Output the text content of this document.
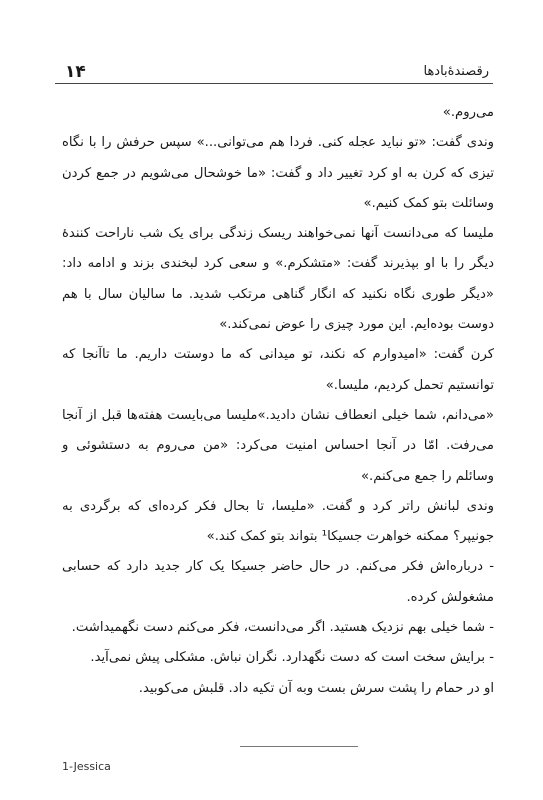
۱۴	رقصندۀبادها

می‌روم.»

وندی گفت: «تو نباید عجله کنی. فردا هم می‌توانی...» سپس حرفش را با نگاه تیزی که کرن به او کرد تغییر داد و گفت: «ما خوشحال می‌شویم در جمع کردن وسائلت بتو کمک کنیم.»

ملیسا که می‌دانست آنها نمی‌خواهند ریسک زندگی برای یک شب ناراحت کنندهٔ دیگر را با او بپذیرند گفت: «متشکرم.» و سعی کرد لبخندی بزند و ادامه داد: «دیگر طوری نگاه نکنید که انگار گناهی مرتکب شدید. ما سالیان سال با هم دوست بوده‌ایم. این مورد چیزی را عوض نمی‌کند.»

کرن گفت: «امیدوارم که نکند، تو میدانی که ما دوستت داریم. ما تاآنجا که توانستیم تحمل کردیم، ملیسا.»

«می‌دانم، شما خیلی انعطاف نشان دادید.»ملیسا می‌بایست هفته‌ها قبل از آنجا می‌رفت. امّا در آنجا احساس امنیت می‌کرد: «من می‌روم به دستشوئی و وسائلم را جمع می‌کنم.»

وندی لبانش راتر کرد و گفت. «ملیسا، تا بحال فکر کرده‌ای که برگردی به جونیپر؟ ممکنه خواهرت جسیکا¹ بتواند بتو کمک کند.»

- درباره‌اش فکر می‌کنم. در حال حاضر جسیکا یک کار جدید دارد که حسابی مشغولش کرده.

- شما خیلی بهم نزدیک هستید. اگر می‌دانست، فکر می‌کنم دست نگهمیداشت.

- برایش سخت است که دست نگهدارد. نگران نباش. مشکلی پیش نمی‌آید.

او در حمام را پشت سرش بست وبه آن تکیه داد. قلبش می‌کوبید.

1-Jessica
